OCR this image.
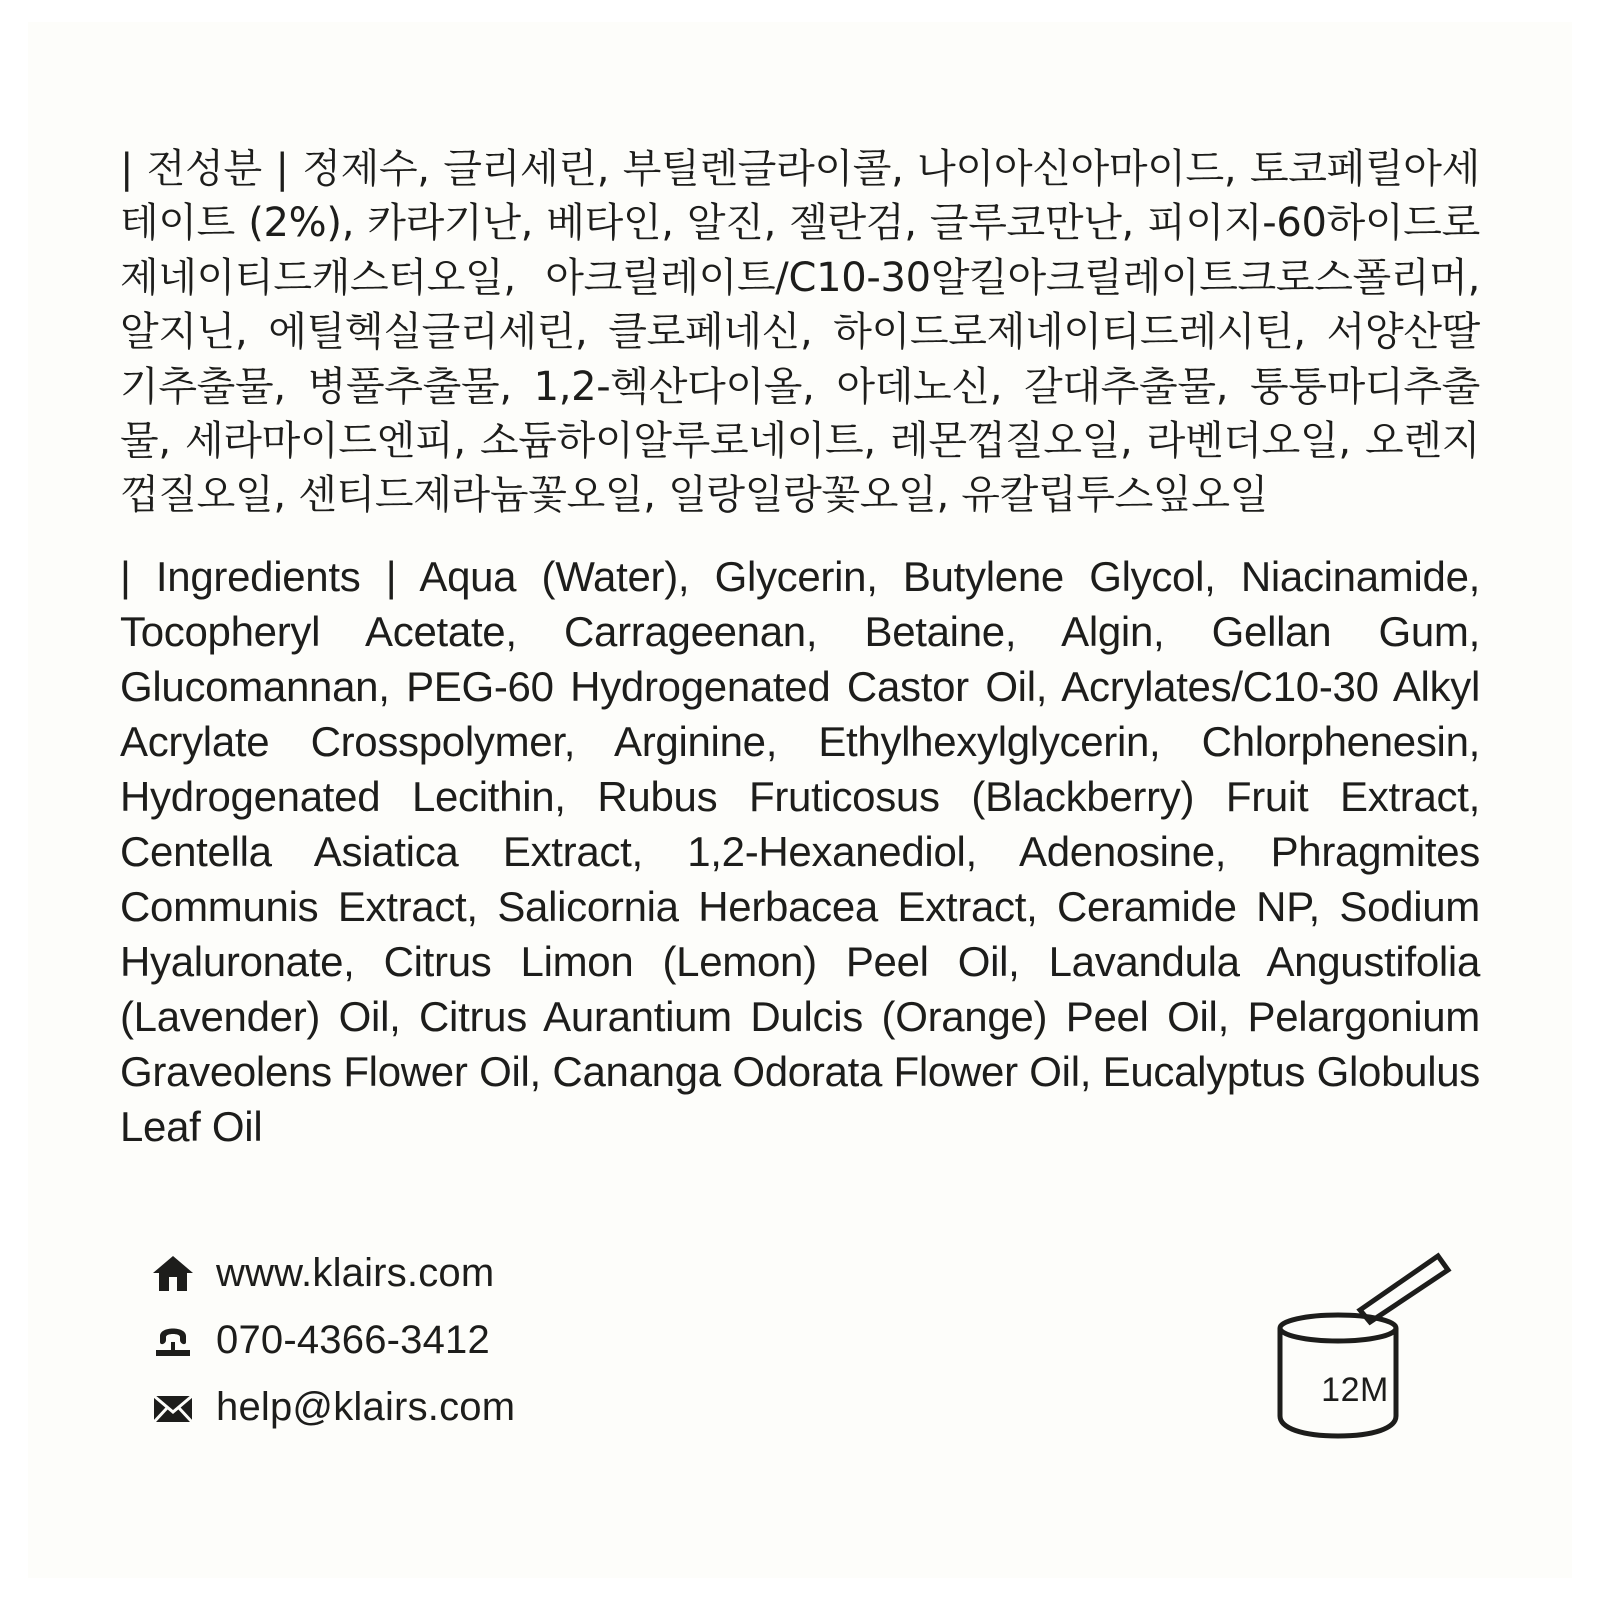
| 전성분 | 정제수, 글리세린, 부틸렌글라이콜, 나이아신아마이드, 토코페릴아세테이트 (2%), 카라기난, 베타인, 알진, 젤란검, 글루코만난, 피이지-60하이드로제네이티드캐스터오일, 아크릴레이트/C10-30알킬아크릴레이트크로스폴리머, 알지닌, 에틸헥실글리세린, 클로페네신, 하이드로제네이티드레시틴, 서양산딸기추출물, 병풀추출물, 1,2-헥산다이올, 아데노신, 갈대추출물, 퉁퉁마디추출물, 세라마이드엔피, 소듐하이알루로네이트, 레몬껍질오일, 라벤더오일, 오렌지껍질오일, 센티드제라늄꽃오일, 일랑일랑꽃오일, 유칼립투스잎오일
| Ingredients | Aqua (Water), Glycerin, Butylene Glycol, Niacinamide, Tocopheryl Acetate, Carrageenan, Betaine, Algin, Gellan Gum, Glucomannan, PEG-60 Hydrogenated Castor Oil, Acrylates/C10-30 Alkyl Acrylate Crosspolymer, Arginine, Ethylhexylglycerin, Chlorphenesin, Hydrogenated Lecithin, Rubus Fruticosus (Blackberry) Fruit Extract, Centella Asiatica Extract, 1,2-Hexanediol, Adenosine, Phragmites Communis Extract, Salicornia Herbacea Extract, Ceramide NP, Sodium Hyaluronate, Citrus Limon (Lemon) Peel Oil, Lavandula Angustifolia (Lavender) Oil, Citrus Aurantium Dulcis (Orange) Peel Oil, Pelargonium Graveolens Flower Oil, Cananga Odorata Flower Oil, Eucalyptus Globulus Leaf Oil
www.klairs.com
070-4366-3412
help@klairs.com	12M
